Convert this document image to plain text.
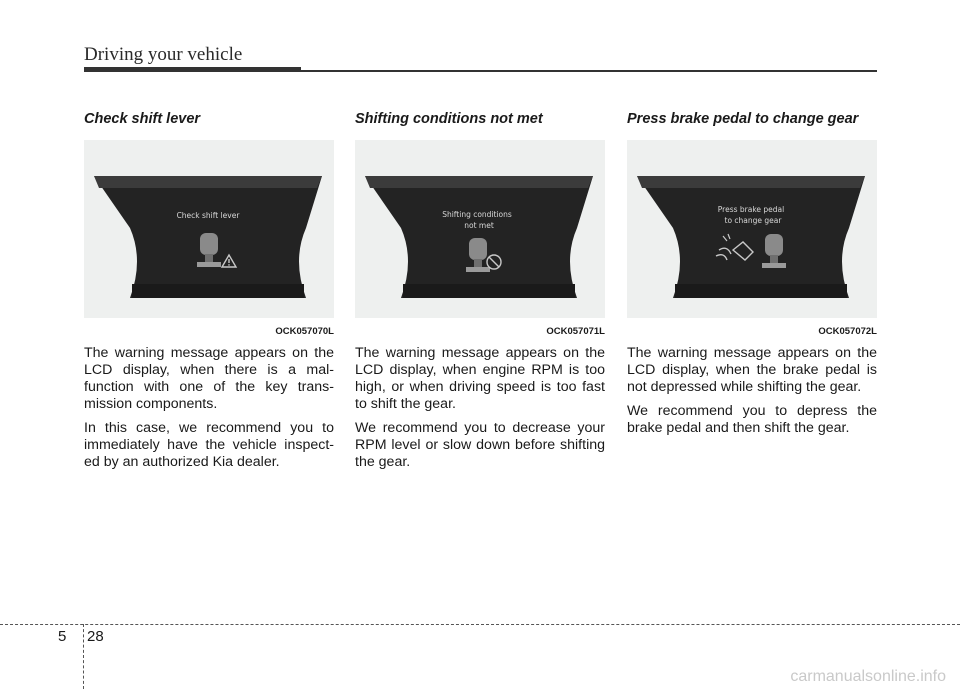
Driving your vehicle
Check shift lever
Check shift lever
OCK057070L

The warning message appears on the LCD display, when there is a mal-function with one of the key trans-mission components.

In this case, we recommend you to immediately have the vehicle inspect-ed by an authorized Kia dealer.

Shifting conditions not met
Shifting conditions
not met
OCK057071L

The warning message appears on the LCD display, when engine RPM is too high, or when driving speed is too fast to shift the gear.

We recommend you to decrease your RPM level or slow down before shifting the gear.

Press brake pedal to change gear
Press brake pedal
to change gear
OCK057072L

The warning message appears on the LCD display, when the brake pedal is not depressed while shifting the gear.

We recommend you to depress the brake pedal and then shift the gear.

5 28
carmanualsonline.info
